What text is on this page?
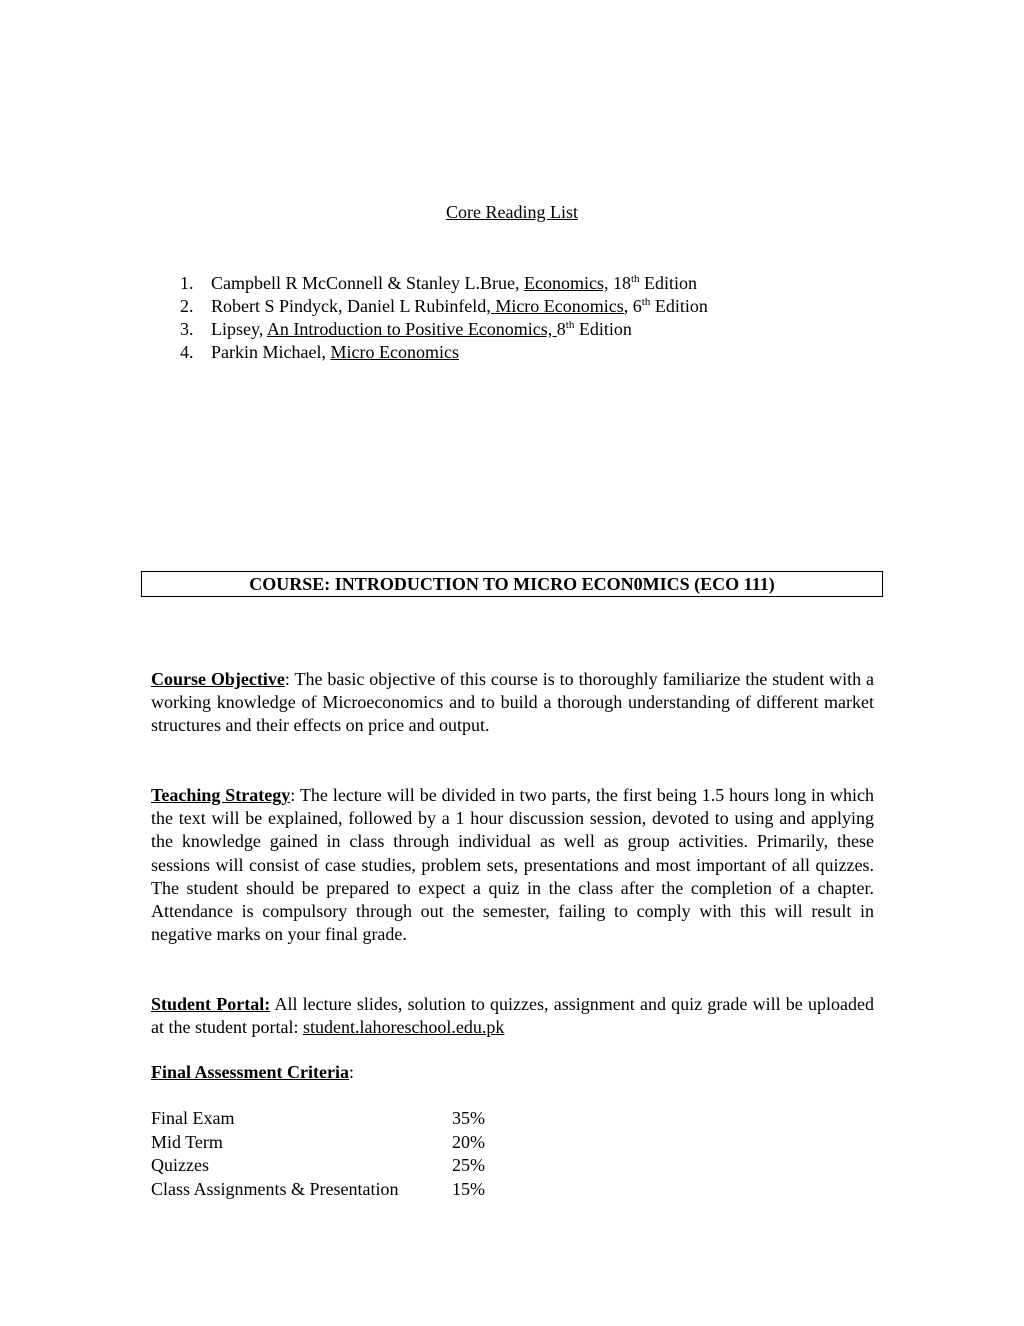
Core Reading List
1. Campbell R McConnell & Stanley L.Brue, Economics, 18th Edition
2. Robert S Pindyck, Daniel L Rubinfeld, Micro Economics, 6th Edition
3. Lipsey, An Introduction to Positive Economics, 8th Edition
4. Parkin Michael, Micro Economics
COURSE: INTRODUCTION TO MICRO ECON0MICS (ECO 111)

Course Objective: The basic objective of this course is to thoroughly familiarize the student with a working knowledge of Microeconomics and to build a thorough understanding of different market structures and their effects on price and output.

Teaching Strategy: The lecture will be divided in two parts, the first being 1.5 hours long in which the text will be explained, followed by a 1 hour discussion session, devoted to using and applying the knowledge gained in class through individual as well as group activities. Primarily, these sessions will consist of case studies, problem sets, presentations and most important of all quizzes. The student should be prepared to expect a quiz in the class after the completion of a chapter. Attendance is compulsory through out the semester, failing to comply with this will result in negative marks on your final grade.

Student Portal: All lecture slides, solution to quizzes, assignment and quiz grade will be uploaded at the student portal: student.lahoreschool.edu.pk

Final Assessment Criteria:
Final Exam	35%
Mid Term	20%
Quizzes	25%
Class Assignments & Presentation	15%
